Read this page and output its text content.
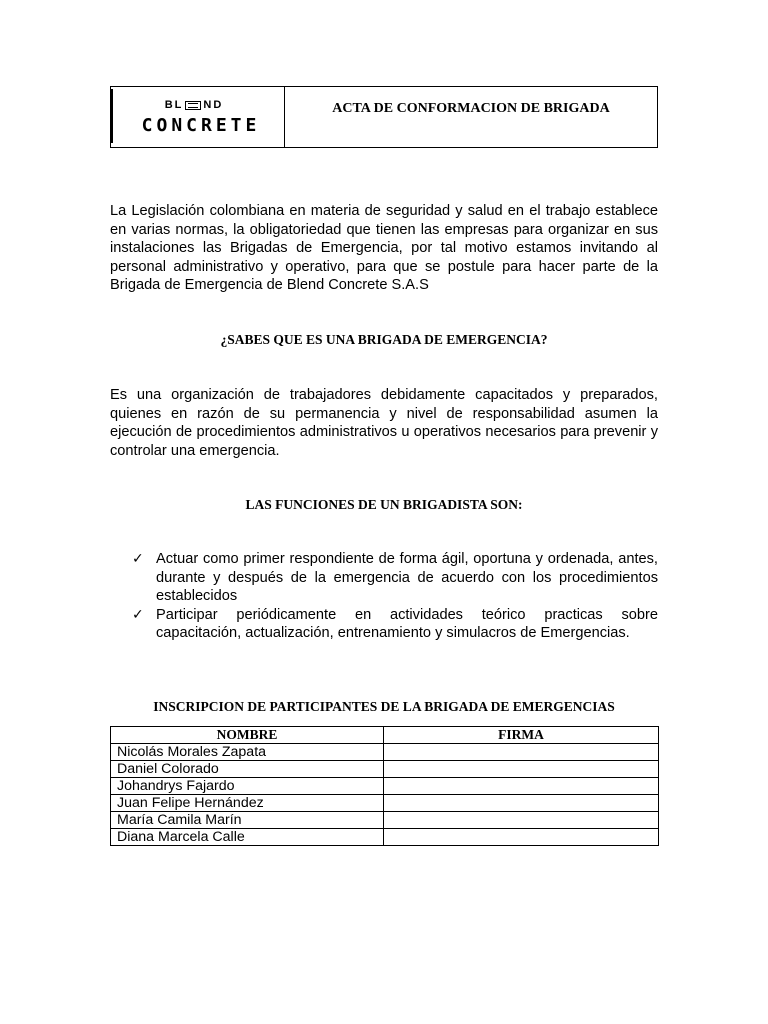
BL ND
CONCRETE
ACTA DE CONFORMACION DE BRIGADA
La Legislación colombiana en materia de seguridad y salud en el trabajo establece en varias normas, la obligatoriedad que tienen las empresas para organizar en sus instalaciones las Brigadas de Emergencia, por tal motivo estamos invitando al personal administrativo y operativo, para que se postule para hacer parte de la Brigada de Emergencia de Blend Concrete S.A.S
¿SABES QUE ES UNA BRIGADA DE EMERGENCIA?
Es una organización de trabajadores debidamente capacitados y preparados, quienes en razón de su permanencia y nivel de responsabilidad asumen la ejecución de procedimientos administrativos u operativos necesarios para prevenir y controlar una emergencia.
LAS FUNCIONES DE UN BRIGADISTA SON:
✓ Actuar como primer respondiente de forma ágil, oportuna y ordenada, antes, durante y después de la emergencia de acuerdo con los procedimientos establecidos
✓ Participar periódicamente en actividades teórico practicas sobre capacitación, actualización, entrenamiento y simulacros de Emergencias.
INSCRIPCION DE PARTICIPANTES DE LA BRIGADA DE EMERGENCIAS
NOMBRE	FIRMA
Nicolás Morales Zapata	
Daniel Colorado	
Johandrys Fajardo	
Juan Felipe Hernández	
María Camila Marín	
Diana Marcela Calle	
